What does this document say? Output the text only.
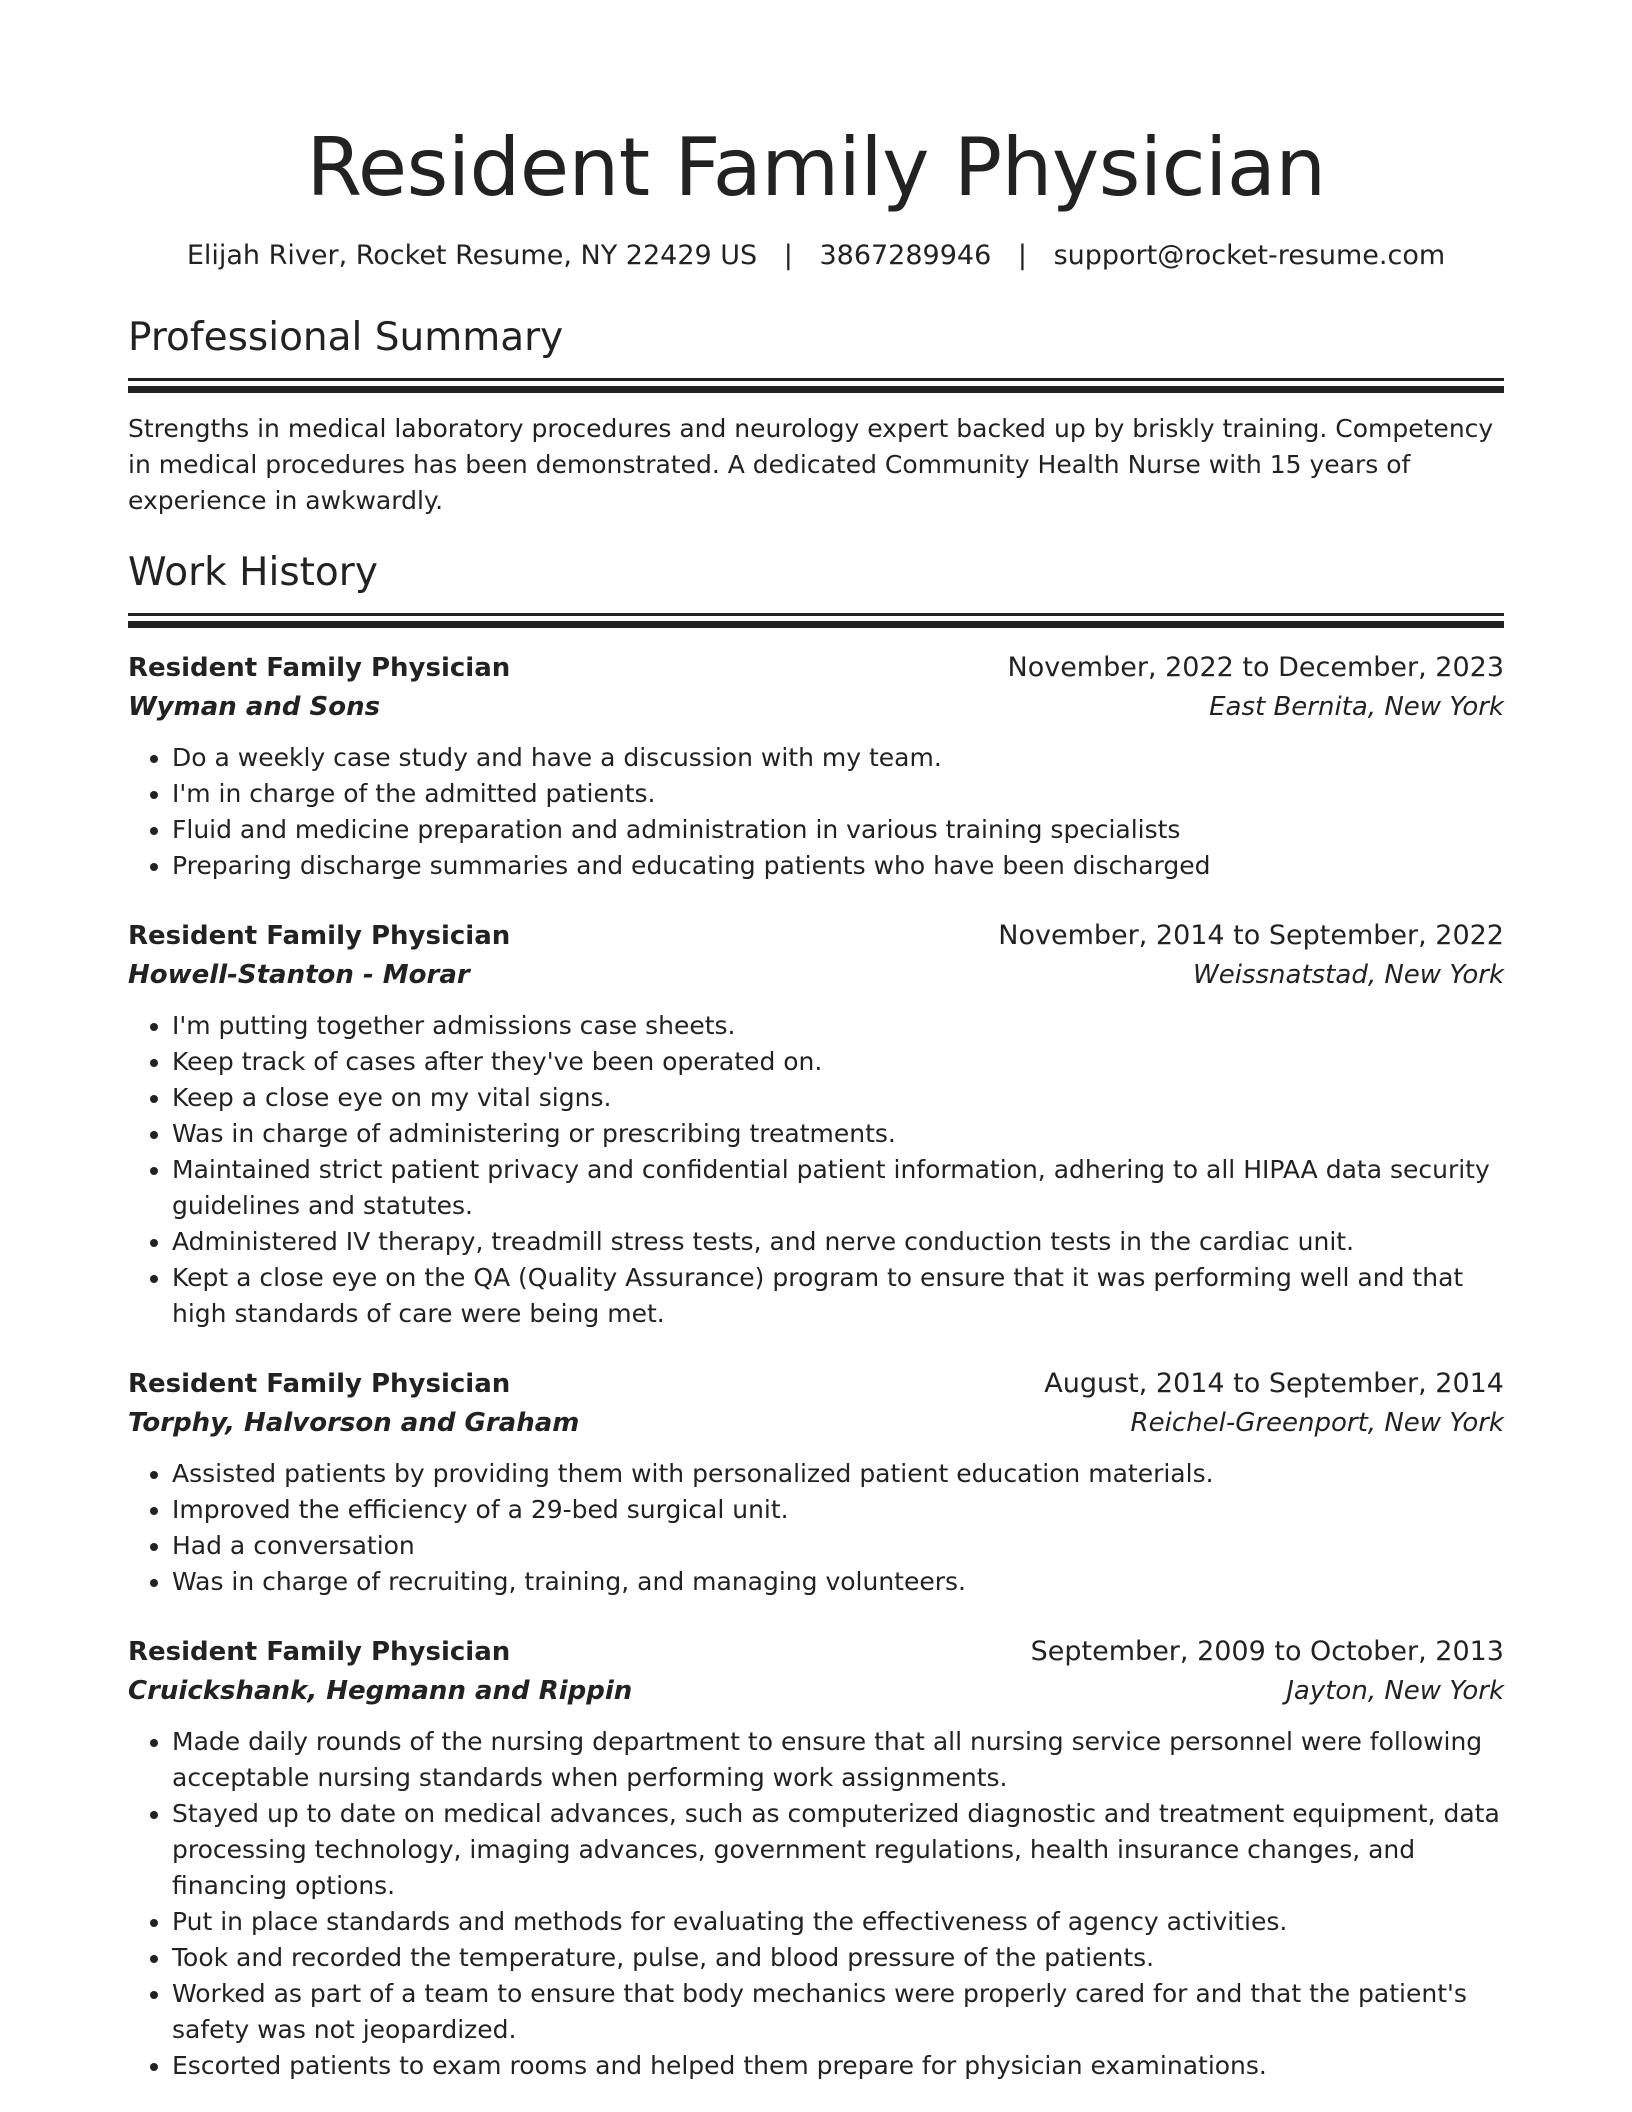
Resident Family Physician
Elijah River, Rocket Resume, NY 22429 US | 3867289946 | support@rocket-resume.com
Professional Summary

Strengths in medical laboratory procedures and neurology expert backed up by briskly training. Competency in medical procedures has been demonstrated. A dedicated Community Health Nurse with 15 years of experience in awkwardly.

Work History
Resident Family Physician	November, 2022 to December, 2023
Wyman and Sons	East Bernita, New York
• Do a weekly case study and have a discussion with my team.
• I'm in charge of the admitted patients.
• Fluid and medicine preparation and administration in various training specialists
• Preparing discharge summaries and educating patients who have been discharged
Resident Family Physician	November, 2014 to September, 2022
Howell-Stanton - Morar	Weissnatstad, New York
• I'm putting together admissions case sheets.
• Keep track of cases after they've been operated on.
• Keep a close eye on my vital signs.
• Was in charge of administering or prescribing treatments.
• Maintained strict patient privacy and confidential patient information, adhering to all HIPAA data security guidelines and statutes.
• Administered IV therapy, treadmill stress tests, and nerve conduction tests in the cardiac unit.
• Kept a close eye on the QA (Quality Assurance) program to ensure that it was performing well and that high standards of care were being met.
Resident Family Physician	August, 2014 to September, 2014
Torphy, Halvorson and Graham	Reichel-Greenport, New York
• Assisted patients by providing them with personalized patient education materials.
• Improved the efficiency of a 29-bed surgical unit.
• Had a conversation
• Was in charge of recruiting, training, and managing volunteers.
Resident Family Physician	September, 2009 to October, 2013
Cruickshank, Hegmann and Rippin	Jayton, New York
• Made daily rounds of the nursing department to ensure that all nursing service personnel were following acceptable nursing standards when performing work assignments.
• Stayed up to date on medical advances, such as computerized diagnostic and treatment equipment, data processing technology, imaging advances, government regulations, health insurance changes, and financing options.
• Put in place standards and methods for evaluating the effectiveness of agency activities.
• Took and recorded the temperature, pulse, and blood pressure of the patients.
• Worked as part of a team to ensure that body mechanics were properly cared for and that the patient's safety was not jeopardized.
• Escorted patients to exam rooms and helped them prepare for physician examinations.
